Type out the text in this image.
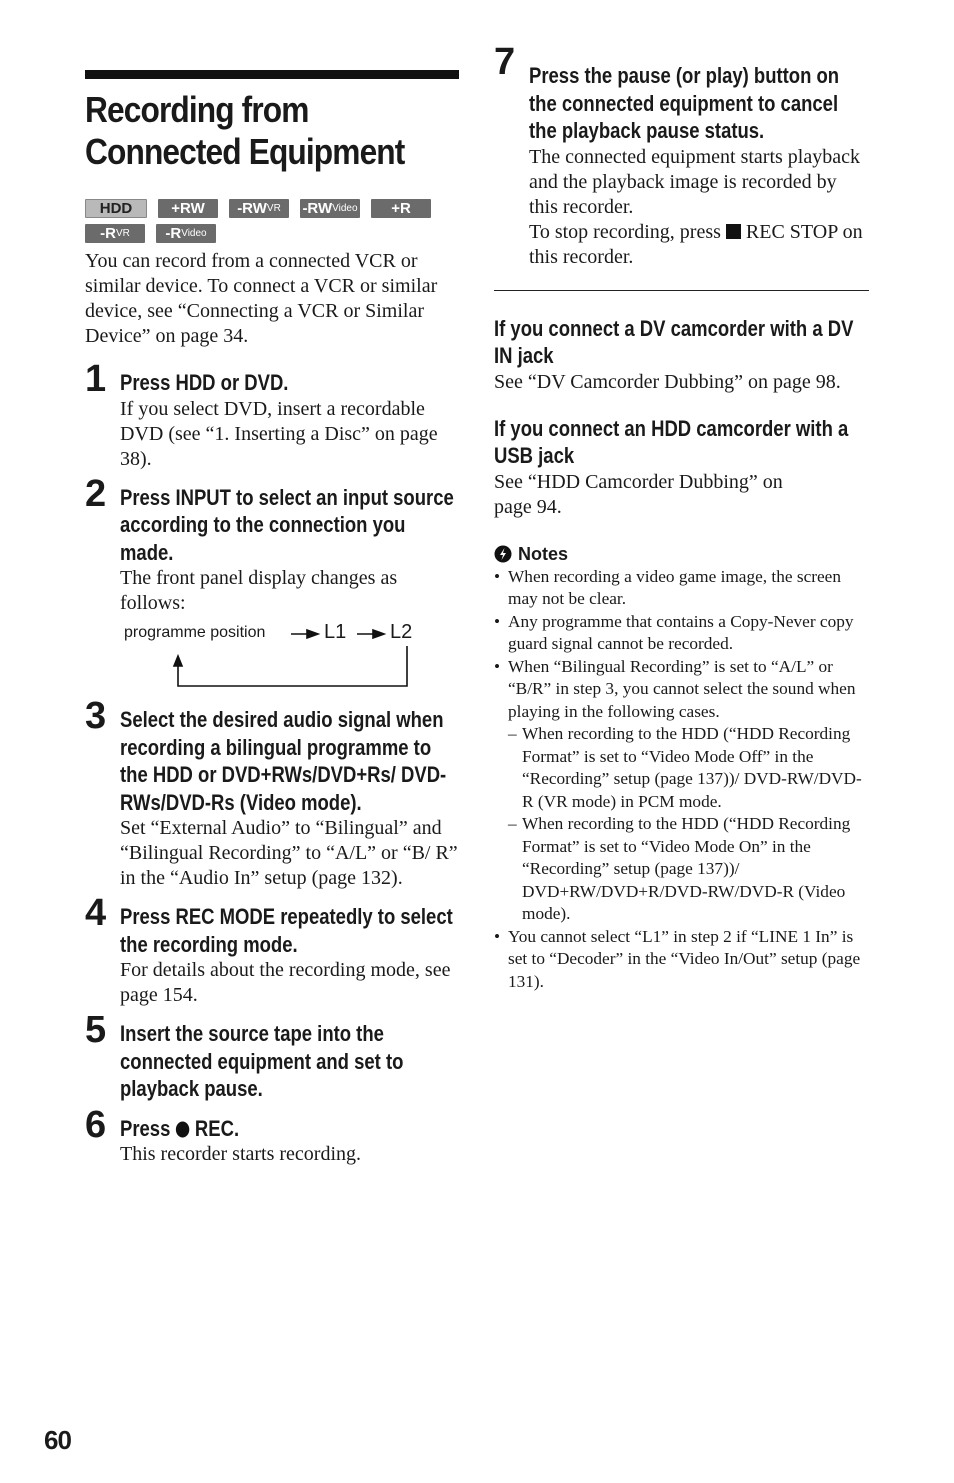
Recording from Connected Equipment
HDD	+RW	-RW VR -RW Video	+R
-R VR -R Video

You can record from a connected VCR or similar device. To connect a VCR or similar device, see “Connecting a VCR or Similar Device” on page 34.

1 Press HDD or DVD.

If you select DVD, insert a recordable DVD (see “1. Inserting a Disc” on page 38).

2 Press INPUT to select an input source according to the connection you made.

The front panel display changes as follows:

programme position	L1 L2
3 Select the desired audio signal when recording a bilingual programme to the HDD or DVD+RWs/DVD+Rs/ DVD-RWs/DVD-Rs (Video mode).

Set “External Audio” to “Bilingual” and “Bilingual Recording” to “A/L” or “B/ R” in the “Audio In” setup (page 132).

4 Press REC MODE repeatedly to select the recording mode.

For details about the recording mode, see page 154.

5 Insert the source tape into the connected equipment and set to playback pause.

6 Press REC.

This recorder starts recording.

7 Press the pause (or play) button on the connected equipment to cancel the playback pause status.

The connected equipment starts playback and the playback image is recorded by this recorder.

To stop recording, press REC STOP on this recorder.

If you connect a DV camcorder with a DV IN jack

See “DV Camcorder Dubbing” on page 98.

If you connect an HDD camcorder with a USB jack

See “HDD Camcorder Dubbing” on
page 94.

Notes
• When recording a video game image, the screen may not be clear.
• Any programme that contains a Copy-Never copy guard signal cannot be recorded.
• When “Bilingual Recording” is set to “A/L” or “B/R” in step 3, you cannot select the sound when playing in the following cases.
– When recording to the HDD (“HDD Recording Format” is set to “Video Mode Off” in the “Recording” setup (page 137))/ DVD-RW/DVD-R (VR mode) in PCM mode.
– When recording to the HDD (“HDD Recording Format” is set to “Video Mode On” in the “Recording” setup (page 137))/ DVD+RW/DVD+R/DVD-RW/DVD-R (Video mode).
• You cannot select “L1” in step 2 if “LINE 1 In” is set to “Decoder” in the “Video In/Out” setup (page 131).
60
